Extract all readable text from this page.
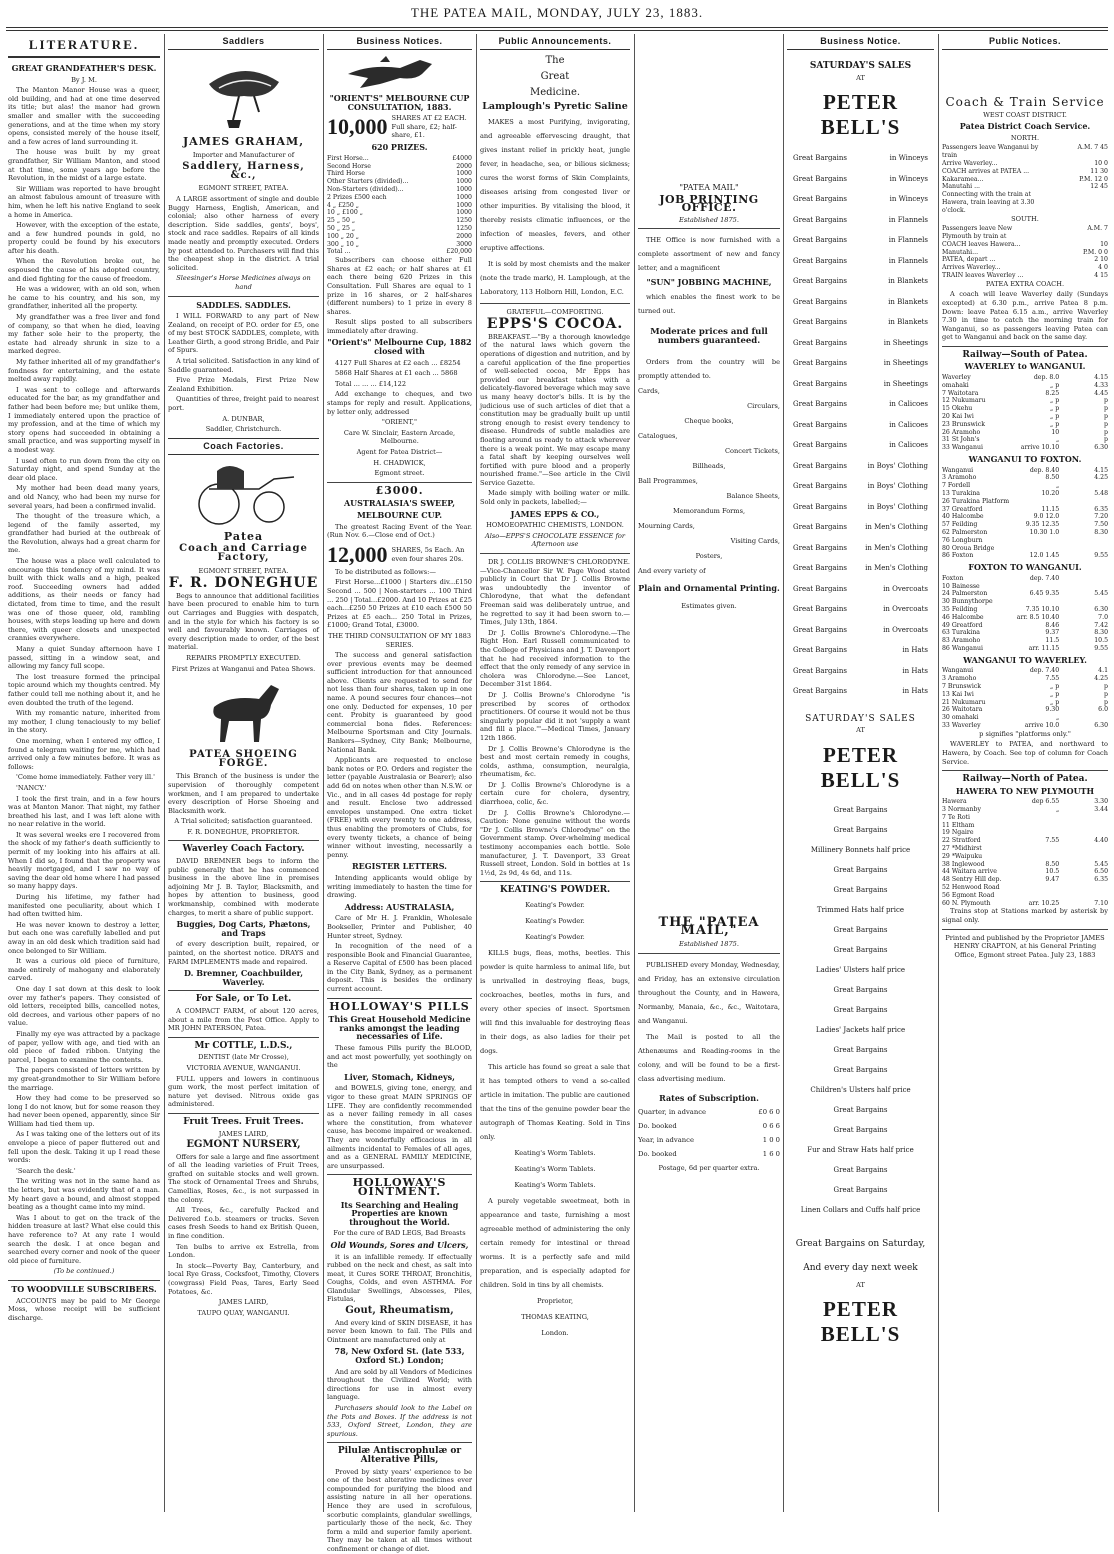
THE PATEA MAIL, MONDAY, JULY 23, 1883.
LITERATURE.
GREAT GRANDFATHER'S DESK.

By J. M.

The Manton Manor House was a queer, old building, and had at one time deserved its title; but alas! the manor had grown smaller and smaller with the succeeding generations, and at the time when my story opens, consisted merely of the house itself, and a few acres of land surrounding it.

The house was built by my great grandfather, Sir William Manton, and stood at that time, some years ago before the Revolution, in the midst of a large estate.

Sir William was reported to have brought an almost fabulous amount of treasure with him, when he left his native England to seek a home in America.

However, with the exception of the estate, and a few hundred pounds in gold, no property could be found by his executors after his death.

When the Revolution broke out, he espoused the cause of his adopted country, and died fighting for the cause of freedom.

He was a widower, with an old son, when he came to his country, and his son, my grandfather, inherited all the property.

My grandfather was a free liver and fond of company, so that when he died, leaving my father sole heir to the property, the estate had already shrunk in size to a marked degree.

My father inherited all of my grandfather's fondness for entertaining, and the estate melted away rapidly.

I was sent to college and afterwards educated for the bar, as my grandfather and father had been before me; but unlike them, I immediately entered upon the practice of my profession, and at the time of which my story opens had succeeded in obtaining a small practice, and was supporting myself in a modest way.

I used often to run down from the city on Saturday night, and spend Sunday at the dear old place.

My mother had been dead many years, and old Nancy, who had been my nurse for several years, had been a confirmed invalid.

The thought of the treasure which, a legend of the family asserted, my grandfather had buried at the outbreak of the Revolution, always had a great charm for me.

The house was a place well calculated to encourage this tendency of my mind. It was built with thick walls and a high, peaked roof. Succeeding owners had added additions, as their needs or fancy had dictated, from time to time, and the result was one of those queer, old, rambling houses, with steps leading up here and down there, with queer closets and unexpected crannies everywhere.

Many a quiet Sunday afternoon have I passed, sitting in a window seat, and allowing my fancy full scope.

The lost treasure formed the principal topic around which my thoughts centred. My father could tell me nothing about it, and he even doubted the truth of the legend.

With my romantic nature, inherited from my mother, I clung tenaciously to my belief in the story.

One morning, when I entered my office, I found a telegram waiting for me, which had arrived only a few minutes before. It was as follows:

'Come home immediately. Father very ill.'

'NANCY.'

I took the first train, and in a few hours was at Manton Manor. That night, my father breathed his last, and I was left alone with no near relative in the world.

It was several weeks ere I recovered from the shock of my father's death sufficiently to permit of my looking into his affairs at all. When I did so, I found that the property was heavily mortgaged, and I saw no way of saving the dear old home where I had passed so many happy days.

During his lifetime, my father had manifested one peculiarity, about which I had often twitted him.

He was never known to destroy a letter, but each one was carefully labelled and put away in an old desk which tradition said had once belonged to Sir William.

It was a curious old piece of furniture, made entirely of mahogany and elaborately carved.

One day I sat down at this desk to look over my father's papers. They consisted of old letters, receipted bills, cancelled notes, old decrees, and various other papers of no value.

Finally my eye was attracted by a package of paper, yellow with age, and tied with an old piece of faded ribbon. Untying the parcel, I began to examine the contents.

The papers consisted of letters written by my great-grandmother to Sir William before the marriage.

How they had come to be preserved so long I do not know, but for some reason they had never been opened, apparently, since Sir William had tied them up.

As I was taking one of the letters out of its envelope a piece of paper fluttered out and fell upon the desk. Taking it up I read these words:

'Search the desk.'

The writing was not in the same hand as the letters, but was evidently that of a man. My heart gave a bound, and almost stopped beating as a thought came into my mind.

Was I about to get on the track of the hidden treasure at last? What else could this have reference to? At any rate I would search the desk. I at once began and searched every corner and nook of the queer old piece of furniture.

(To be continued.)

TO WOODVILLE SUBSCRIBERS.

ACCOUNTS may be paid to Mr George Moss, whose receipt will be sufficient discharge.

Saddlers
JAMES GRAHAM,

Importer and Manufacturer of

Saddlery, Harness, &c.,

EGMONT STREET, PATEA.

A LARGE assortment of single and double Buggy Harness, English, American, and colonial; also other harness of every description. Side saddles, gents', boys', stock and race saddles. Repairs of all kinds made neatly and promptly executed. Orders by post attended to. Purchasers will find this the cheapest shop in the district. A trial solicited.

Sleesinger's Horse Medicines always on hand

SADDLES. SADDLES.

I WILL FORWARD to any part of New Zealand, on receipt of P.O. order for £5, one of my best STOCK SADDLES, complete, with Leather Girth, a good strong Bridle, and Pair of Spurs.

A trial solicited. Satisfaction in any kind of Saddle guaranteed.

Five Prize Medals, First Prize New Zealand Exhibition.

Quantities of three, freight paid to nearest port.

A. DUNBAR,

Saddler, Christchurch.

Coach Factories.
Patea
Coach and Carriage Factory,

EGMONT STREET, PATEA.

F. R. DONEGHUE

Begs to announce that additional facilities have been procured to enable him to turn out Carriages and Buggies with despatch, and in the style for which his factory is so well and favourably known. Carriages of every description made to order, of the best material.

REPAIRS PROMPTLY EXECUTED.

First Prizes at Wanganui and Patea Shows.

PATEA SHOEING FORGE.

This Branch of the business is under the supervision of thoroughly competent workmen, and I am prepared to undertake every description of Horse Shoeing and Blacksmith work.

A Trial solicited; satisfaction guaranteed.

F. R. DONEGHUE, PROPRIETOR.

Waverley Coach Factory.

DAVID BREMNER begs to inform the public generally that he has commenced business in the above line in premises adjoining Mr J. B. Taylor, Blacksmith, and hopes by attention to business, good workmanship, combined with moderate charges, to merit a share of public support.

Buggies, Dog Carts, Phætons, and Traps

of every description built, repaired, or painted, on the shortest notice. DRAYS and FARM IMPLEMENTS made and repaired.

D. Bremner, Coachbuilder, Waverley.
For Sale, or To Let.

A COMPACT FARM, of about 120 acres, about a mile from the Post Office. Apply to MR JOHN PATERSON, Patea.

Mr COTTLE, L.D.S.,

DENTIST (late Mr Crosse),

VICTORIA AVENUE, WANGANUI.

FULL uppers and lowers in continuous gum work, the most perfect imitation of nature yet devised. Nitrous oxide gas administered.

Fruit Trees. Fruit Trees.

JAMES LAIRD,

EGMONT NURSERY,

Offers for sale a large and fine assortment of all the leading varieties of Fruit Trees, grafted on suitable stocks and well grown. The stock of Ornamental Trees and Shrubs, Camellias, Roses, &c., is not surpassed in the colony.

All Trees, &c., carefully Packed and Delivered f.o.b. steamers or trucks. Seven cases fresh Seeds to hand ex British Queen, in fine condition.

Ten bulbs to arrive ex Estrella, from London.

In stock—Poverty Bay, Canterbury, and local Rye Grass, Cocksfoot, Timothy, Clovers (cowgrass) Field Peas, Tares, Early Seed Potatoes, &c.

JAMES LAIRD,

TAUPO QUAY, WANGANUI.

Business Notices.
"ORIENT'S" MELBOURNE CUP CONSULTATION, 1883.
10,000 SHARES AT £2 EACH. Full share, £2; half-share, £1.
620 PRIZES.
First Horse...	£4000
Second Horse	2000
Third Horse	1000
Other Starters (divided)...	1000
Non-Starters (divided)...	1000
2 Prizes £500 each	1000
4 „ £250 „	1000
10 „ £100 „	1000
25 „ 50 „	1250
50 „ 25 „	1250
100 „ 20 „	2000
300 „ 10 „	3000
Total ...	£20,000

Subscribers can choose either Full Shares at £2 each; or half shares at £1 each there being 620 Prizes in this Consultation. Full Shares are equal to 1 prize in 16 shares, or 2 half-shares (different numbers) to 1 prize in every 8 shares.

Result slips posted to all subscribers immediately after drawing.

"Orient's" Melbourne Cup, 1882 closed with

4127 Full Shares at £2 each ... £8254

5868 Half Shares at £1 each ... 5868

Total ... ... ... £14,122

Add exchange to cheques, and two stamps for reply and result. Applications, by letter only, addressed

"ORIENT,"

Care W. Sinclair, Eastern Arcade, Melbourne.

Agent for Patea District—

H. CHADWICK,

Egmont street.

£3000.
AUSTRALASIA'S SWEEP,
MELBOURNE CUP.

The greatest Racing Event of the Year. (Run Nov. 6.—Close end of Oct.)

12,000 SHARES, 5s Each. An even four shares 20s.

To be distributed as follows:—

First Horse...£1000 | Starters div...£150 Second ... 500 | Non-starters ... 100 Third ... 250 | Total...£2000. And 10 Prizes at £25 each...£250 50 Prizes at £10 each £500 50 Prizes at £5 each... 250 Total in Prizes, £1000; Grand Total, £3000.

THE THIRD CONSULTATION OF MY 1883 SERIES.

The success and general satisfaction over previous events may be deemed sufficient introduction for that announced above. Clients are requested to send for not less than four shares, taken up in one name. A pound secures four chances—not one only. Deducted for expenses, 10 per cent. Probity is guaranteed by good commercial bona fides. References: Melbourne Sportsman and City Journals. Bankers—Sydney, City Bank; Melbourne, National Bank.

Applicants are requested to enclose bank notes or P.O. Orders and register the letter (payable Australasia or Bearer); also add 6d on notes when other than N.S.W. or Vic., and in all cases 4d postage for reply and result. Enclose two addressed envelopes unstamped. One extra ticket (FREE) with every twenty to one address, thus enabling the promoters of Clubs, for every twenty tickets, a chance of being winner without investing, necessarily a penny.

REGISTER LETTERS.

Intending applicants would oblige by writing immediately to hasten the time for drawing.

Address: AUSTRALASIA,

Care of Mr H. J. Franklin, Wholesale Bookseller, Printer and Publisher, 40 Hunter street, Sydney.

In recognition of the need of a responsible Book and Financial Guarantee, a Reserve Capital of £500 has been placed in the City Bank, Sydney, as a permanent deposit. This is besides the ordinary current account.

HOLLOWAY'S PILLS
This Great Household Medicine ranks amongst the leading necessaries of Life.

These famous Pills purify the BLOOD, and act most powerfully, yet soothingly on the

Liver, Stomach, Kidneys,

and BOWELS, giving tone, energy, and vigor to these great MAIN SPRINGS OF LIFE. They are confidently recommended as a never failing remedy in all cases where the constitution, from whatever cause, has become impaired or weakened. They are wonderfully efficacious in all ailments incidental to Females of all ages, and as a GENERAL FAMILY MEDICINE, are unsurpassed.

HOLLOWAY'S OINTMENT.
Its Searching and Healing Properties are known throughout the World.

For the cure of BAD LEGS, Bad Breasts

Old Wounds, Sores and Ulcers,

it is an infallible remedy. If effectually rubbed on the neck and chest, as salt into meat, it Cures SORE THROAT, Bronchitis, Coughs, Colds, and even ASTHMA. For Glandular Swellings, Abscesses, Piles, Fistulas,

Gout, Rheumatism,

And every kind of SKIN DISEASE, it has never been known to fail. The Pills and Ointment are manufactured only at

78, New Oxford St. (late 533, Oxford St.) London;

And are sold by all Vendors of Medicines throughout the Civilized World; with directions for use in almost every language.

Purchasers should look to the Label on the Pots and Boxes. If the address is not 533, Oxford Street, London, they are spurious.

Pilulæ Antiscrophulæ or Alterative Pills,

Proved by sixty years' experience to be one of the best alterative medicines ever compounded for purifying the blood and assisting nature in all her operations. Hence they are used in scrofulous, scorbutic complaints, glandular swellings, particularly those of the neck, &c. They form a mild and superior family aperient. They may be taken at all times without confinement or change of diet.

Public Announcements.

The

Great

Medicine.

Lamplough's Pyretic Saline

MAKES a most Purifying, invigorating, and agreeable effervescing draught, that gives instant relief in prickly heat, jungle fever, in headache, sea, or bilious sickness; cures the worst forms of Skin Complaints, diseases arising from congested liver or other impurities. By vitalising the blood, it thereby resists climatic influences, or the infection of measles, fevers, and other eruptive affections.

It is sold by most chemists and the maker (note the trade mark), H. Lamplough, at the Laboratory, 113 Holborn Hill, London, E.C.

GRATEFUL—COMFORTING.

EPPS'S COCOA.

BREAKFAST.—"By a thorough knowledge of the natural laws which govern the operations of digestion and nutrition, and by a careful application of the fine properties of well-selected cocoa, Mr Epps has provided our breakfast tables with a delicately-flavored beverage which may save us many heavy doctor's bills. It is by the judicious use of such articles of diet that a constitution may be gradually built up until strong enough to resist every tendency to disease. Hundreds of subtle maladies are floating around us ready to attack wherever there is a weak point. We may escape many a fatal shaft by keeping ourselves well fortified with pure blood and a properly nourished frame."—See article in the Civil Service Gazette.

Made simply with boiling water or milk. Sold only in packets, labelled;—

JAMES EPPS & CO.,

HOMOEOPATHIC CHEMISTS, LONDON.

Also—EPPS'S CHOCOLATE ESSENCE for Afternoon use

DR J. COLLIS BROWNE'S CHLORODYNE.—Vice-Chancellor Sir W. Page Wood stated publicly in Court that Dr J. Collis Browne was undoubtedly the inventor of Chlorodyne, that what the defendant Freeman said was deliberately untrue, and he regretted to say it had been sworn to.—Times, July 13th, 1864.

Dr J. Collis Browne's Chlorodyne.—The Right Hon. Earl Russell communicated to the College of Physicians and J. T. Davenport that he had received information to the effect that the only remedy of any service in cholera was Chlorodyne.—See Lancet, December 31st 1864.

Dr J. Collis Browne's Chlorodyne "is prescribed by scores of orthodox practitioners. Of course it would not be thus singularly popular did it not 'supply a want and fill a place.'"—Medical Times, January 12th 1866.

Dr J. Collis Browne's Chlorodyne is the best and most certain remedy in coughs, colds, asthma, consumption, neuralgia, rheumatism, &c.

Dr J. Collis Browne's Chlorodyne is a certain cure for cholera, dysentry, diarrhoea, colic, &c.

Dr J. Collis Browne's Chlorodyne.—Caution: None genuine without the words "Dr J. Collis Browne's Chlorodyne" on the Government stamp. Over-whelming medical testimony accompanies each bottle. Sole manufacturer, J. T. Davenport, 33 Great Russell street, London. Sold in bottles at 1s 1½d, 2s 9d, 4s 6d, and 11s.

KEATING'S POWDER.

Keating's Powder.

Keating's Powder.

Keating's Powder.

KILLS bugs, fleas, moths, beetles. This powder is quite harmless to animal life, but is unrivalled in destroying fleas, bugs, cockroaches, beetles, moths in furs, and every other species of insect. Sportsmen will find this invaluable for destroying fleas in their dogs, as also ladies for their pet dogs.

This article has found so great a sale that it has tempted others to vend a so-called article in imitation. The public are cautioned that the tins of the genuine powder bear the autograph of Thomas Keating. Sold in Tins only.

Keating's Worm Tablets.

Keating's Worm Tablets.

Keating's Worm Tablets.

A purely vegetable sweetmeat, both in appearance and taste, furnishing a most agreeable method of administering the only certain remedy for intestinal or thread worms. It is a perfectly safe and mild preparation, and is especially adapted for children. Sold in tins by all chemists.

Proprietor,

THOMAS KEATING,

London.

"PATEA MAIL"

JOB PRINTING OFFICE.

Established 1875.

THE Office is now furnished with a complete assortment of new and fancy letter, and a magnificent

"SUN" JOBBING MACHINE,

which enables the finest work to be turned out.

Moderate prices and full numbers guaranteed.

Orders from the country will be promptly attended to.

Cards,

Circulars,

Cheque books,

Catalogues,

Concert Tickets,

Billheads,

Ball Programmes,

Balance Sheets,

Memorandum Forms,

Mourning Cards,

Visiting Cards,

Posters,

And every variety of

Plain and Ornamental Printing.

Estimates given.

THE "PATEA MAIL,"

Established 1875.

PUBLISHED every Monday, Wednesday, and Friday, has an extensive circulation throughout the County, and in Hawera, Normanby, Manaia, &c., &c., Waitotara, and Wanganui.

The Mail is posted to all the Athenæums and Reading-rooms in the colony, and will be found to be a first-class advertising medium.

Rates of Subscription.
Quarter, in advance	£0 6 0
Do. booked	0 6 6
Year, in advance	1 0 0
Do. booked	1 6 0

Postage, 6d per quarter extra.

Business Notice.
SATURDAY'S SALES

AT

PETER BELL'S
Great Bargains	in Winceys
Great Bargains	in Winceys
Great Bargains	in Winceys
Great Bargains	in Flannels
Great Bargains	in Flannels
Great Bargains	in Flannels
Great Bargains	in Blankets
Great Bargains	in Blankets
Great Bargains	in Blankets
Great Bargains	in Sheetings
Great Bargains	in Sheetings
Great Bargains	in Sheetings
Great Bargains	in Calicoes
Great Bargains	in Calicoes
Great Bargains	in Calicoes
Great Bargains	in Boys' Clothing
Great Bargains	in Boys' Clothing
Great Bargains	in Boys' Clothing
Great Bargains	in Men's Clothing
Great Bargains	in Men's Clothing
Great Bargains	in Men's Clothing
Great Bargains	in Overcoats
Great Bargains	in Overcoats
Great Bargains	in Overcoats
Great Bargains	in Hats
Great Bargains	in Hats
Great Bargains	in Hats
SATURDAY'S SALES

AT

PETER BELL'S

Great Bargains

Great Bargains

Millinery Bonnets half price

Great Bargains

Great Bargains

Trimmed Hats half price

Great Bargains

Great Bargains

Ladies' Ulsters half price

Great Bargains

Great Bargains

Ladies' Jackets half price

Great Bargains

Great Bargains

Children's Ulsters half price

Great Bargains

Great Bargains

Fur and Straw Hats half price

Great Bargains

Great Bargains

Linen Collars and Cuffs half price

Great Bargains on Saturday,

And every day next week

AT

PETER BELL'S
Public Notices.
Coach & Train Service

WEST COAST DISTRICT.

Patea District Coach Service.

NORTH.

Passengers leave Wanganui by train
A.M. 7 45
Arrive Waverley...	10 0
COACH arrives at PATEA ...	11 30
Kakaramea...	P.M. 12 0
Manutahi ...	12 45
Connecting with the train at Hawera, train leaving at 3.30 o'clock.

SOUTH.

Passengers leave New Plymouth by train at
A.M. 7
COACH leaves Hawera...	10
Manutahi...	P.M. 0 0
PATEA, depart ...	2 10
Arrives Waverley...	4 0
TRAIN leaves Waverley ...	4 15

PATEA EXTRA COACH.

A coach will leave Waverley daily (Sundays excepted) at 6.30 p.m., arrive Patea 8 p.m. Down: leave Patea 6.15 a.m., arrive Waverley 7.30 in time to catch the morning train for Wanganui, so as passengers leaving Patea can get to Wanganui and back on the same day.

Railway—South of Patea.
WAVERLEY to WANGANUI.
Waverley	dep. 8.0	4.15
omahaki	„ p	4.33
7 Waitotara	8.25	4.45
12 Nukumaru	„ p	p
15 Okehu	„ p	p
20 Kai Iwi	„ p	p
23 Brunswick	„ p	p
26 Aramoho	10	p
31 St John's	„	p
33 Wanganui	arrive 10.10	6.30
WANGANUI TO FOXTON.
Wanganui	dep. 8.40	4.15
3 Aramoho	8.50	4.25
7 Fordell	„
13 Turakina	10.20	5.48
26 Turakina Platform
37 Greatford	11.15	6.35
40 Halcombe	9.0 12.0	7.20
57 Feilding	9.35 12.35	7.50
62 Palmerston	10.30 1.0	8.30
76 Longburn
80 Oroua Bridge
86 Foxton	12.0 1.45	9.55
FOXTON TO WANGANUI.
Foxton	dep. 7.40
10 Bainesse
24 Palmerston	6.45 9.35	5.45
30 Bunnythorpe
35 Feilding	7.35 10.10	6.30
46 Halcombe	arr. 8.5 10.40	7.0
49 Greatford	8.46	7.42
63 Turakina	9.37	8.30
83 Aramoho	11.5	10.5
86 Wanganui	arr. 11.15	9.55
WANGANUI TO WAVERLEY.
Wanganui	dep. 7.40	4.1
3 Aramoho	7.55	4.25
7 Brunswick	„ p	p
13 Kai Iwi	„ p	p
21 Nukumaru	„ p	p
26 Waitotara	9.30	6.0
30 omahaki	„
33 Waverley	arrive 10.0	6.30

p signifies "platforms only."

WAVERLEY to PATEA, and northward to Hawera, by Coach. See top of column for Coach Service.

Railway—North of Patea.
HAWERA TO NEW PLYMOUTH
Hawera	dep 6.55	3.30
3 Normanby	„	3.44
7 Te Roti
11 Eltham
19 Ngaire
22 Stratford	7.55	4.40
27 *Midhirst
29 *Waipuku
38 Inglewood	8.50	5.45
44 Waitara arrive	10.5	6.50
48 Sentry Hill dep.	9.47	6.35
52 Henwood Road
56 Egmont Road
60 N. Plymouth	arr. 10.25	7.10

Trains stop at Stations marked by asterisk by signal only.

Printed and published by the Proprietor JAMES HENRY CRAPTON, at his General Printing Office, Egmont street Patea. July 23, 1883
